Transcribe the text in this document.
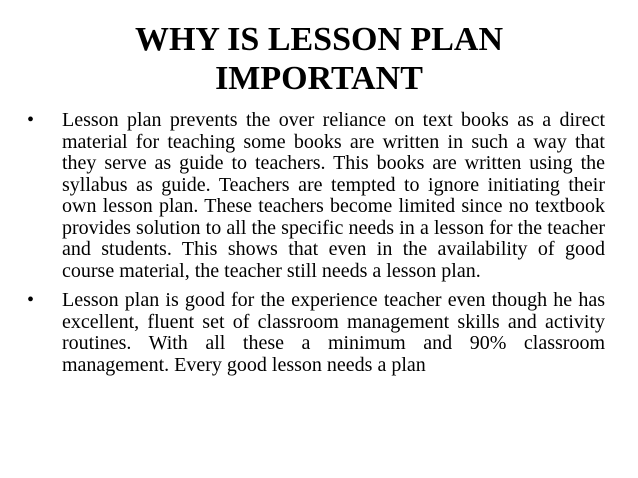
WHY IS LESSON PLAN
IMPORTANT
•	Lesson plan prevents the over reliance on text books as a direct material for teaching some books are written in such a way that they serve as guide to teachers. This books are written using the syllabus as guide. Teachers are tempted to ignore initiating their own lesson plan. These teachers become limited since no textbook provides solution to all the specific needs in a lesson for the teacher and students. This shows that even in the availability of good course material, the teacher still needs a lesson plan.
•	Lesson plan is good for the experience teacher even though he has excellent, fluent set of classroom management skills and activity routines. With all these a minimum and 90% classroom management. Every good lesson needs a plan
